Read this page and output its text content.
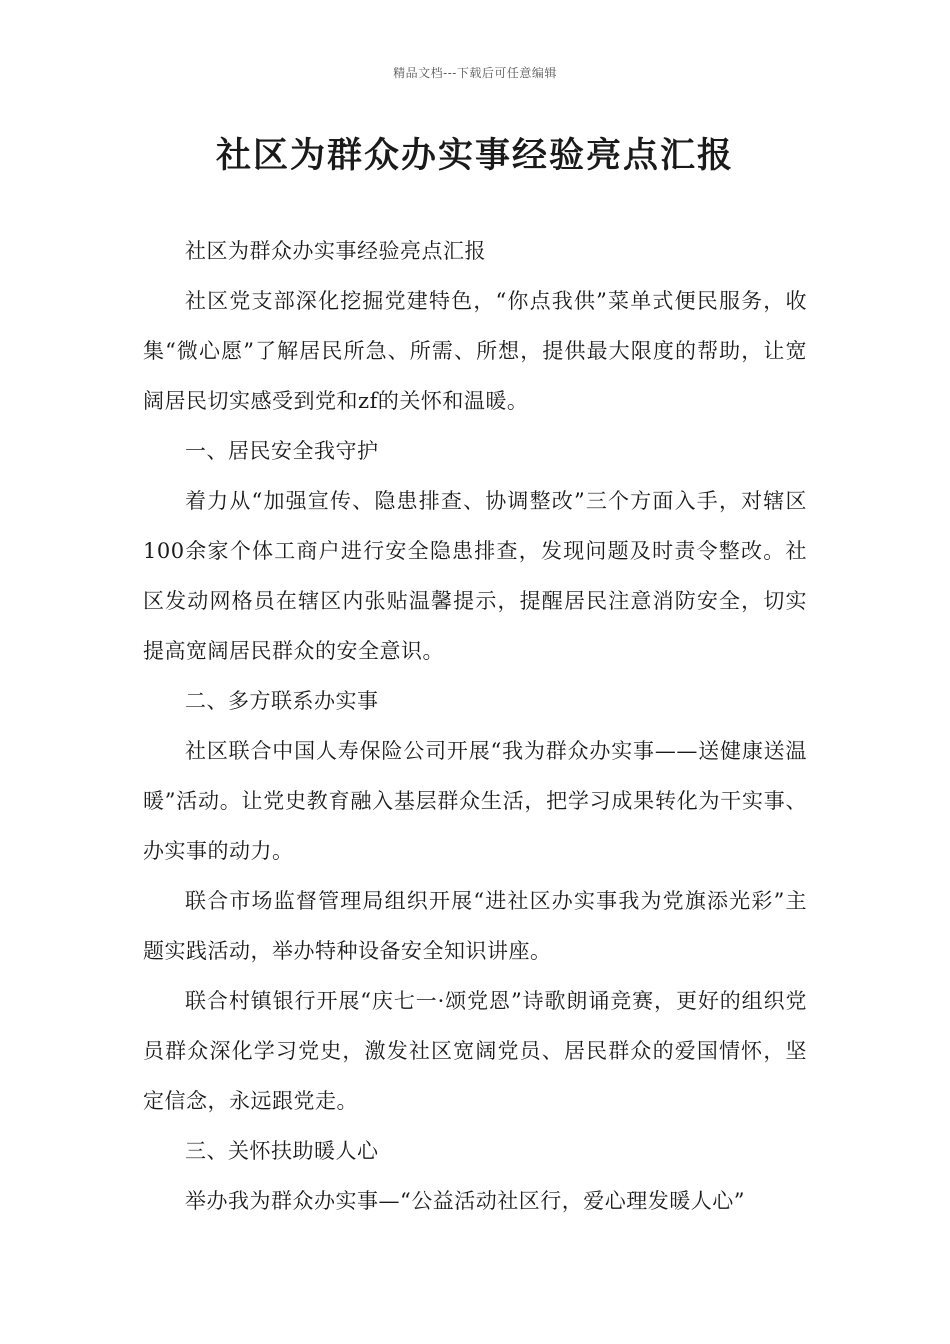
精品文档---下载后可任意编辑
社区为群众办实事经验亮点汇报

社区为群众办实事经验亮点汇报

社区党支部深化挖掘党建特色，“你点我供”菜单式便民服务，收集“微心愿”了解居民所急、所需、所想，提供最大限度的帮助，让宽阔居民切实感受到党和zf的关怀和温暖。

一、居民安全我守护

着力从“加强宣传、隐患排查、协调整改”三个方面入手，对辖区100余家个体工商户进行安全隐患排查，发现问题及时责令整改。社区发动网格员在辖区内张贴温馨提示，提醒居民注意消防安全，切实提高宽阔居民群众的安全意识。

二、多方联系办实事

社区联合中国人寿保险公司开展“我为群众办实事——送健康送温暖”活动。让党史教育融入基层群众生活，把学习成果转化为干实事、办实事的动力。

联合市场监督管理局组织开展“进社区办实事我为党旗添光彩”主题实践活动，举办特种设备安全知识讲座。

联合村镇银行开展“庆七一·颂党恩”诗歌朗诵竞赛，更好的组织党员群众深化学习党史，激发社区宽阔党员、居民群众的爱国情怀，坚定信念，永远跟党走。

三、关怀扶助暖人心

举办我为群众办实事—“公益活动社区行，爱心理发暖人心”
